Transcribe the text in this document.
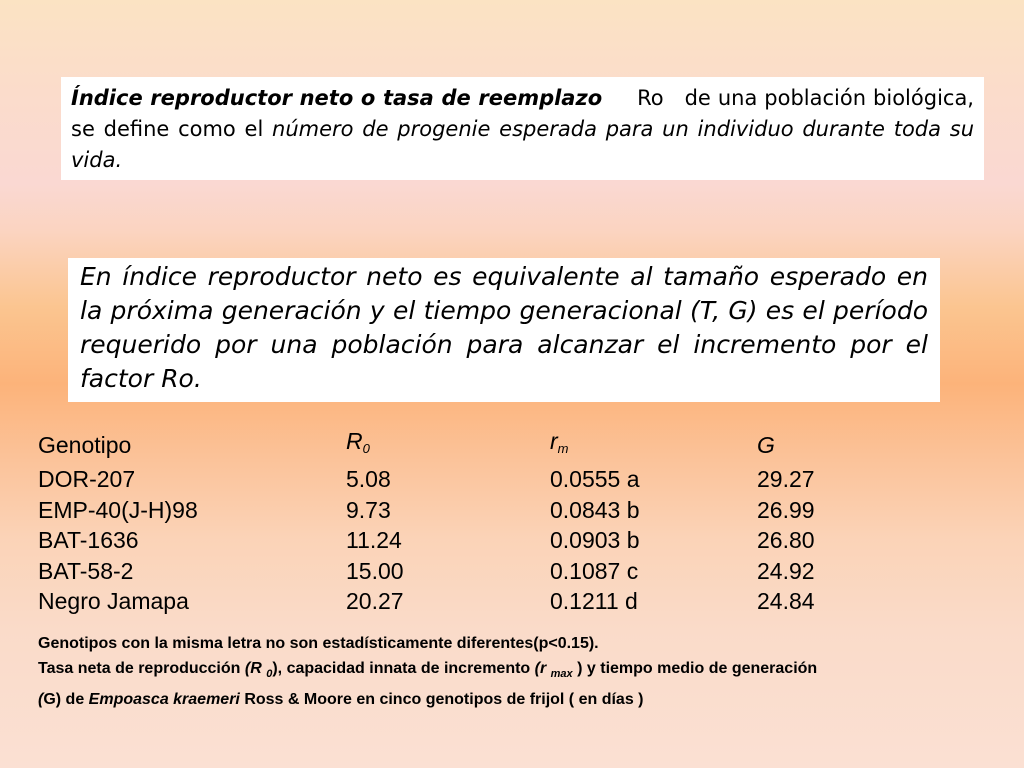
Índice reproductor neto o tasa de reemplazo Ro de una población biológica, se define como el número de progenie esperada para un individuo durante toda su vida.
En índice reproductor neto es equivalente al tamaño esperado en la próxima generación y el tiempo generacional (T, G) es el período requerido por una población para alcanzar el incremento por el factor Ro.
Genotipo	$R_0$	$r_m$	G
DOR-207	5.08	0.0555 a	29.27
EMP-40(J-H)98	9.73	0.0843 b	26.99
BAT-1636	11.24	0.0903 b	26.80
BAT-58-2	15.00	0.1087 c	24.92
Negro Jamapa	20.27	0.1211 d	24.84
Genotipos con la misma letra no son estadísticamente diferentes(p<0.15).
Tasa neta de reproducción (R $_0$), capacidad innata de incremento (r $_{max}$ ) y tiempo medio de generación
(G) de Empoasca kraemeri Ross & Moore en cinco genotipos de frijol ( en días )
